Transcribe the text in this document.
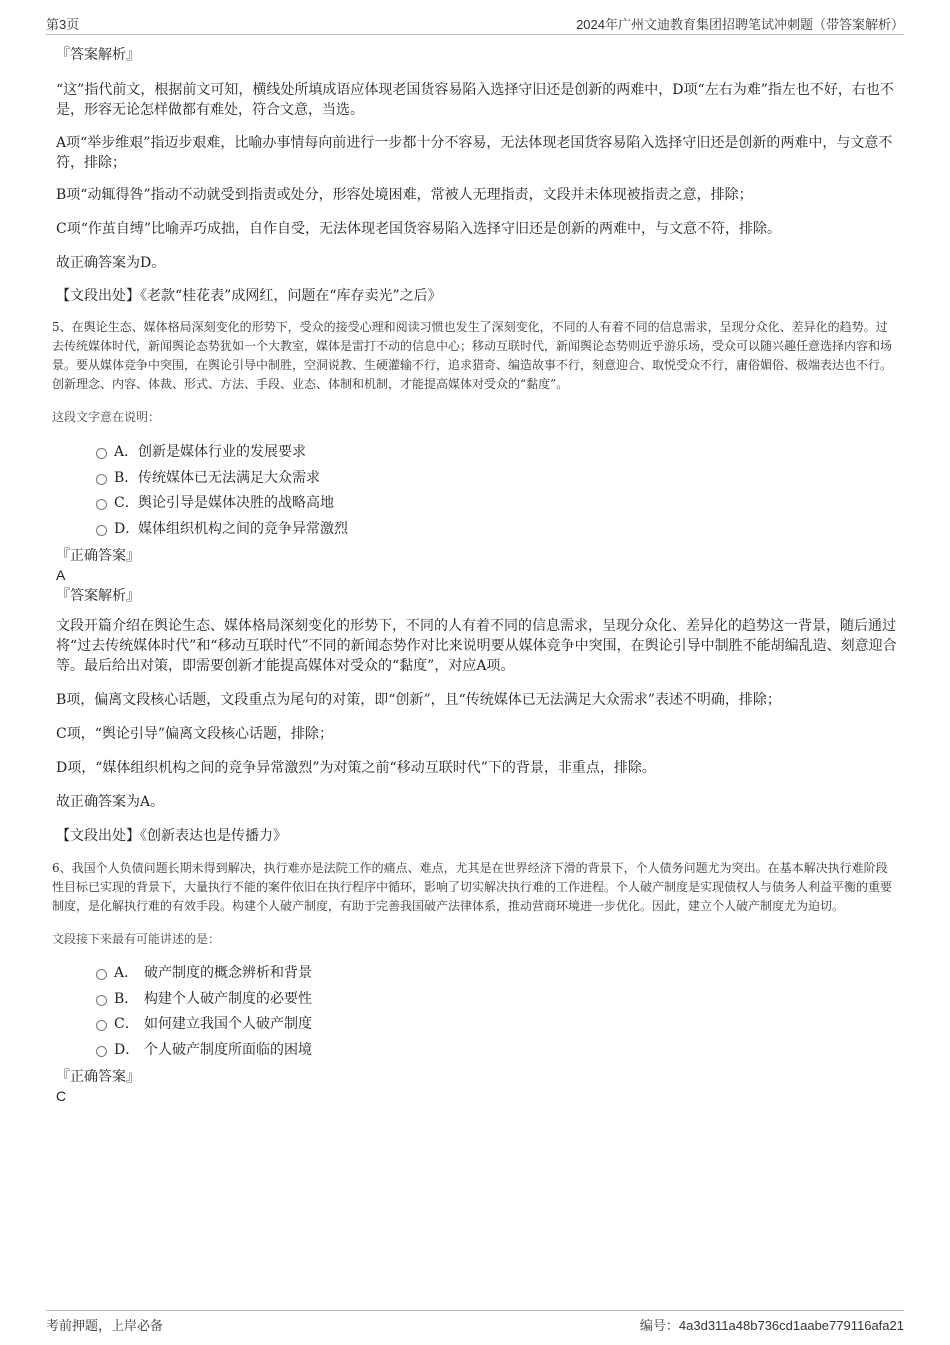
第3页	2024年广州文迪教育集团招聘笔试冲刺题（带答案解析）

『答案解析』

“这”指代前文，根据前文可知，横线处所填成语应体现老国货容易陷入选择守旧还是创新的两难中，D项“左右为难”指左也不好，右也不是，形容无论怎样做都有难处，符合文意，当选。

A项“举步维艰”指迈步艰难，比喻办事情每向前进行一步都十分不容易，无法体现老国货容易陷入选择守旧还是创新的两难中，与文意不符，排除；

B项“动辄得咎”指动不动就受到指责或处分，形容处境困难，常被人无理指责，文段并未体现被指责之意，排除；

C项“作茧自缚”比喻弄巧成拙，自作自受，无法体现老国货容易陷入选择守旧还是创新的两难中，与文意不符，排除。

故正确答案为D。

【文段出处】《老款“桂花表”成网红，问题在“库存卖光”之后》

5、在舆论生态、媒体格局深刻变化的形势下，受众的接受心理和阅读习惯也发生了深刻变化，不同的人有着不同的信息需求，呈现分众化、差异化的趋势。过去传统媒体时代，新闻舆论态势犹如一个大教室，媒体是雷打不动的信息中心；移动互联时代，新闻舆论态势则近乎游乐场，受众可以随兴趣任意选择内容和场景。要从媒体竞争中突围，在舆论引导中制胜，空洞说教、生硬灌输不行，追求猎奇、编造故事不行，刻意迎合、取悦受众不行，庸俗媚俗、极端表达也不行。创新理念、内容、体裁、形式、方法、手段、业态、体制和机制，才能提高媒体对受众的“黏度”。

这段文字意在说明：

A．创新是媒体行业的发展要求
B．传统媒体已无法满足大众需求
C．舆论引导是媒体决胜的战略高地
D．媒体组织机构之间的竞争异常激烈

『正确答案』

A

『答案解析』

文段开篇介绍在舆论生态、媒体格局深刻变化的形势下，不同的人有着不同的信息需求，呈现分众化、差异化的趋势这一背景，随后通过将“过去传统媒体时代”和“移动互联时代”不同的新闻态势作对比来说明要从媒体竞争中突围，在舆论引导中制胜不能胡编乱造、刻意迎合等。最后给出对策，即需要创新才能提高媒体对受众的“黏度”，对应A项。

B项，偏离文段核心话题，文段重点为尾句的对策，即“创新”，且“传统媒体已无法满足大众需求”表述不明确，排除；

C项，“舆论引导”偏离文段核心话题，排除；

D项，“媒体组织机构之间的竞争异常激烈”为对策之前“移动互联时代”下的背景，非重点，排除。

故正确答案为A。

【文段出处】《创新表达也是传播力》

6、我国个人负债问题长期未得到解决，执行难亦是法院工作的痛点、难点，尤其是在世界经济下滑的背景下，个人债务问题尤为突出。在基本解决执行难阶段性目标已实现的背景下，大量执行不能的案件依旧在执行程序中循环，影响了切实解决执行难的工作进程。个人破产制度是实现债权人与债务人利益平衡的重要制度，是化解执行难的有效手段。构建个人破产制度，有助于完善我国破产法律体系，推动营商环境进一步优化。因此，建立个人破产制度尤为迫切。

文段接下来最有可能讲述的是：

A． 破产制度的概念辨析和背景
B． 构建个人破产制度的必要性
C． 如何建立我国个人破产制度
D． 个人破产制度所面临的困境

『正确答案』

C

考前押题，上岸必备	编号：4a3d311a48b736cd1aabe779116afa21
